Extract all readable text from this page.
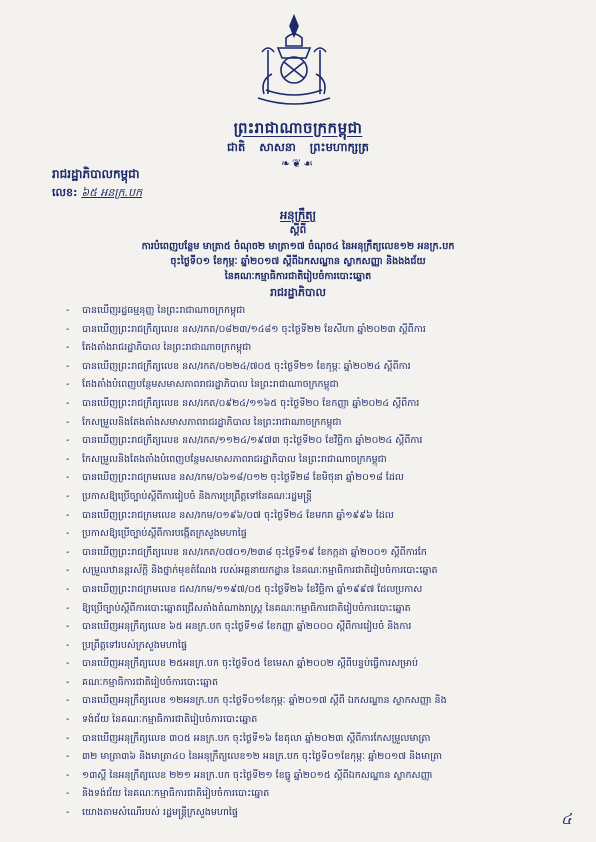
ព្រះរាជាណាចក្រកម្ពុជា
ជាតិ សាសនា ព្រះមហាក្សត្រ
❧❦☙
រាជរដ្ឋាភិបាលកម្ពុជា
លេខ: ៦៥ អនក្រ.បក
អនុក្រឹត្យ
ស្តីពី
ការបំពេញបន្ថែម មាត្រា៥ ចំណុច២ មាត្រា១៧ ចំណុច៤ នៃអនុក្រឹត្យលេខ១២ អនក្រ.បក
ចុះថ្ងៃទី០១ ខែកុម្ភៈ ឆ្នាំ២០១៧ ស្តីពីឯកសណ្ឋាន ស្លាកសញ្ញា និងងងជ័យ
នៃគណៈកម្មាធិការជាតិរៀបចំការបោះឆ្នោត
រាជរដ្ឋាភិបាល
- បានឃើញរដ្ឋធម្មនុញ្ញ នៃព្រះរាជាណាចក្រកម្ពុជា
- បានឃើញព្រះរាជក្រឹត្យលេខ នស/រកត/០៨២៣/១៤៨១ ចុះថ្ងៃទី២២ ខែសីហា ឆ្នាំ២០២៣ ស្តីពីការ
- តែងតាំងរាជរដ្ឋាភិបាល នៃព្រះរាជាណាចក្រកម្ពុជា
- បានឃើញព្រះរាជក្រឹត្យលេខ នស/រកត/០២២៤/៧០៥ ចុះថ្ងៃទី២១ ខែកុម្ភៈ ឆ្នាំ២០២៤ ស្តីពីការ
- តែងតាំងបំពេញបន្ថែមសមាសភាពរាជរដ្ឋាភិបាល នៃព្រះរាជាណាចក្រកម្ពុជា
- បានឃើញព្រះរាជក្រឹត្យលេខ នស/រកត/០៩២៤/១១៦៥ ចុះថ្ងៃទី២០ ខែកញ្ញា ឆ្នាំ២០២៤ ស្តីពីការ
- កែសម្រួលនិងតែងតាំងសមាសភាពរាជរដ្ឋាភិបាល នៃព្រះរាជាណាចក្រកម្ពុជា
- បានឃើញព្រះរាជក្រឹត្យលេខ នស/រកត/១១២៤/១៩៧៣ ចុះថ្ងៃទី២០ ខែវិច្ឆិកា ឆ្នាំ២០២៤ ស្តីពីការ
- កែសម្រួលនិងតែងតាំងបំពេញបន្ថែមសមាសភាពរាជរដ្ឋាភិបាល នៃព្រះរាជាណាចក្រកម្ពុជា
- បានឃើញព្រះរាជក្រមលេខ នស/រកម/០៦១៨/០១២ ចុះថ្ងៃទី២៨ ខែមិថុនា ឆ្នាំ២០១៨ ដែល
- ប្រកាសឱ្យប្រើច្បាប់ស្តីពីការរៀបចំ និងការប្រព្រឹត្តទៅនៃគណៈរដ្ឋមន្ត្រី
- បានឃើញព្រះរាជក្រមលេខ នស/រកម/០១៩៦/០៧ ចុះថ្ងៃទី២៤ ខែមករា ឆ្នាំ១៩៩៦ ដែល
- ប្រកាសឱ្យប្រើច្បាប់ស្តីពីការបង្កើតក្រសួងមហាផ្ទៃ
- បានឃើញព្រះរាជក្រឹត្យលេខ នស/រកត/០៧០១/២៣៨ ចុះថ្ងៃទី១៩ ខែកក្កដា ឆ្នាំ២០០១ ស្តីពីការកែ
- សម្រួលឋានន្តរស័ក្តិ និងថ្នាក់មុខតំណែង របស់អគ្គនាយកដ្ឋាន នៃគណៈកម្មាធិការជាតិរៀបចំការបោះឆ្នោត
- បានឃើញព្រះរាជក្រមលេខ ជស/រកម/១១៩៧/០៥ ចុះថ្ងៃទី២៦ ខែវិច្ឆិកា ឆ្នាំ១៩៩៧ ដែលប្រកាស
- ឱ្យប្រើច្បាប់ស្តីពីការបោះឆ្នោតជ្រើសតាំងតំណាងរាស្ត្រ នៃគណៈកម្មាធិការជាតិរៀបចំការបោះឆ្នោត
- បានឃើញអនុក្រឹត្យលេខ ៦៥ អនក្រ.បក ចុះថ្ងៃទី១៨ ខែកញ្ញា ឆ្នាំ២០០០ ស្តីពីការរៀបចំ និងការ
- ប្រព្រឹត្តទៅរបស់ក្រសួងមហាផ្ទៃ
- បានឃើញអនុក្រឹត្យលេខ ២៥អនក្រ.បក ចុះថ្ងៃទី០៥ ខែមេសា ឆ្នាំ២០០២ ស្តីពីបន្ទប់ធ្វើការសម្រាប់
- គណៈកម្មាធិការជាតិរៀបចំការបោះឆ្នោត
- បានឃើញអនុក្រឹត្យលេខ ១២អនក្រ.បក ចុះថ្ងៃទី០១ខែកុម្ភៈ ឆ្នាំ២០១៧ ស្តីពី ឯកសណ្ឋាន ស្លាកសញ្ញា និង
- ទង់ជ័យ នៃគណៈកម្មាធិការជាតិរៀបចំការបោះឆ្នោត
- បានឃើញអនុក្រឹត្យលេខ ៣០៥ អនក្រ.បក ចុះថ្ងៃទី១៦ ខែតុលា ឆ្នាំ២០២៣ ស្តីពីការកែសម្រួលមាត្រា
- ៣២ មាត្រា៣៦ និងមាត្រា៤០ នៃអនុក្រឹត្យលេខ១២ អនក្រ.បក ចុះថ្ងៃទី០១ខែកុម្ភៈ ឆ្នាំ២០១៧ និងមាត្រា
- ១៣ស្តី នៃអនុក្រឹត្យលេខ ២២១ អនក្រ.បក ចុះថ្ងៃទី២១ ខែធ្នូ ឆ្នាំ២០១៥ ស្តីពីឯកសណ្ឋាន ស្លាកសញ្ញា
- និងទង់ជ័យ នៃគណៈកម្មាធិការជាតិរៀបចំការបោះឆ្នោត
- យោងតាមសំណើរបស់ រដ្ឋមន្ត្រីក្រសួងមហាផ្ទៃ	៤
